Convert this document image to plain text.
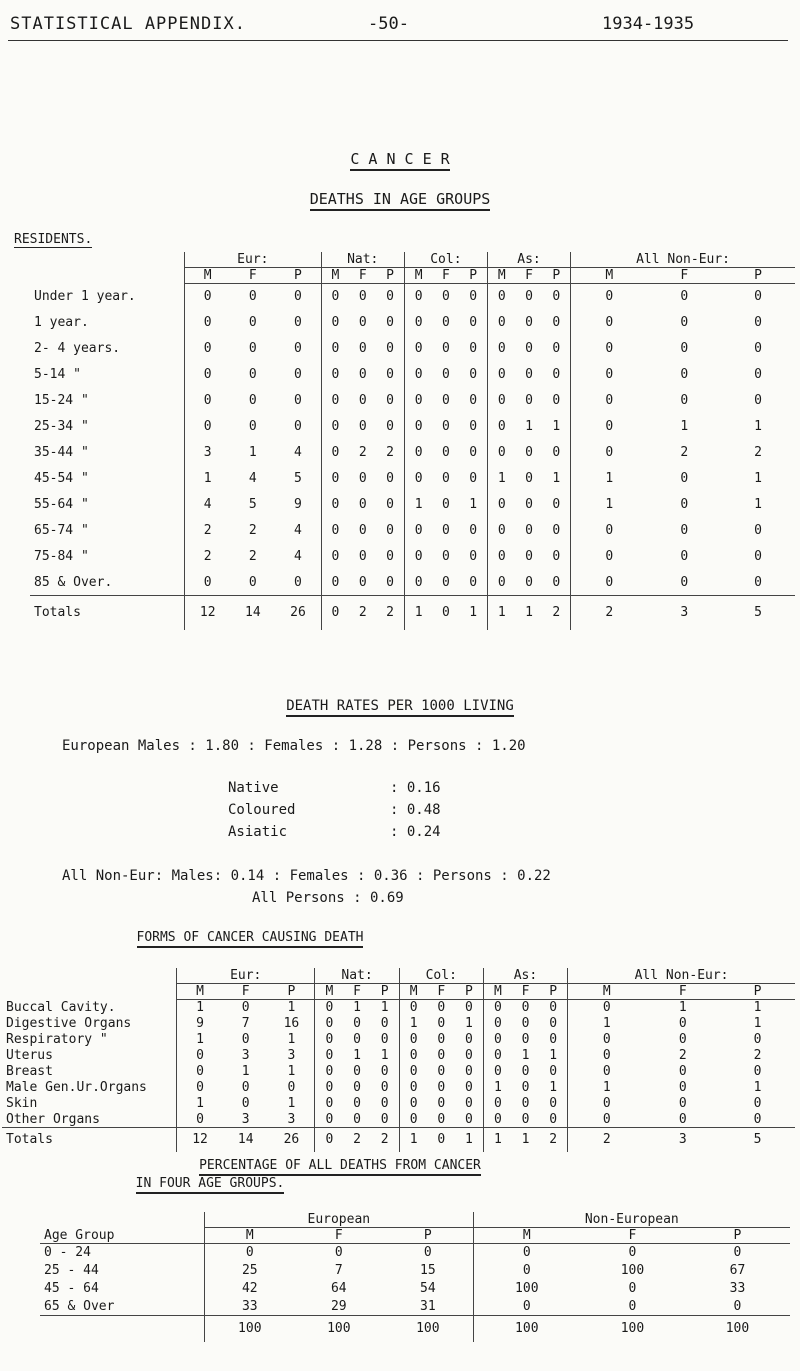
STATISTICAL APPENDIX.	-50-	1934-1935
C A N C E R
DEATHS IN AGE GROUPS
RESIDENTS.
	Eur:			Nat:			Col:			As:			All Non-Eur:		
	M	F	P	M	F	P	M	F	P	M	F	P	M	F	P
Under 1 year.	0	0	0	0	0	0	0	0	0	0	0	0	0	0	0
1 year.	0	0	0	0	0	0	0	0	0	0	0	0	0	0	0
2- 4 years.	0	0	0	0	0	0	0	0	0	0	0	0	0	0	0
5-14 "	0	0	0	0	0	0	0	0	0	0	0	0	0	0	0
15-24 "	0	0	0	0	0	0	0	0	0	0	0	0	0	0	0
25-34 "	0	0	0	0	0	0	0	0	0	0	1	1	0	1	1
35-44 "	3	1	4	0	2	2	0	0	0	0	0	0	0	2	2
45-54 "	1	4	5	0	0	0	0	0	0	1	0	1	1	0	1
55-64 "	4	5	9	0	0	0	1	0	1	0	0	0	1	0	1
65-74 "	2	2	4	0	0	0	0	0	0	0	0	0	0	0	0
75-84 "	2	2	4	0	0	0	0	0	0	0	0	0	0	0	0
85 & Over.	0	0	0	0	0	0	0	0	0	0	0	0	0	0	0
Totals	12	14	26	0	2	2	1	0	1	1	1	2	2	3	5
DEATH RATES PER 1000 LIVING
European Males : 1.80 : Females : 1.28 : Persons : 1.20
Native	: 0.16
Coloured	: 0.48
Asiatic	: 0.24
All Non-Eur: Males: 0.14 : Females : 0.36 : Persons : 0.22
All Persons : 0.69
FORMS OF CANCER CAUSING DEATH
	Eur:			Nat:			Col:			As:			All Non-Eur:		
	M	F	P	M	F	P	M	F	P	M	F	P	M	F	P
Buccal Cavity.	1	0	1	0	1	1	0	0	0	0	0	0	0	1	1
Digestive Organs	9	7	16	0	0	0	1	0	1	0	0	0	1	0	1
Respiratory "	1	0	1	0	0	0	0	0	0	0	0	0	0	0	0
Uterus	0	3	3	0	1	1	0	0	0	0	1	1	0	2	2
Breast	0	1	1	0	0	0	0	0	0	0	0	0	0	0	0
Male Gen.Ur.Organs	0	0	0	0	0	0	0	0	0	1	0	1	1	0	1
Skin	1	0	1	0	0	0	0	0	0	0	0	0	0	0	0
Other Organs	0	3	3	0	0	0	0	0	0	0	0	0	0	0	0
Totals	12	14	26	0	2	2	1	0	1	1	1	2	2	3	5
PERCENTAGE OF ALL DEATHS FROM CANCER
IN FOUR AGE GROUPS.
	European			Non-European		
Age Group	M	F	P	M	F	P
0 - 24	0	0	0	0	0	0
25 - 44	25	7	15	0	100	67
45 - 64	42	64	54	100	0	33
65 & Over	33	29	31	0	0	0
	100	100	100	100	100	100
